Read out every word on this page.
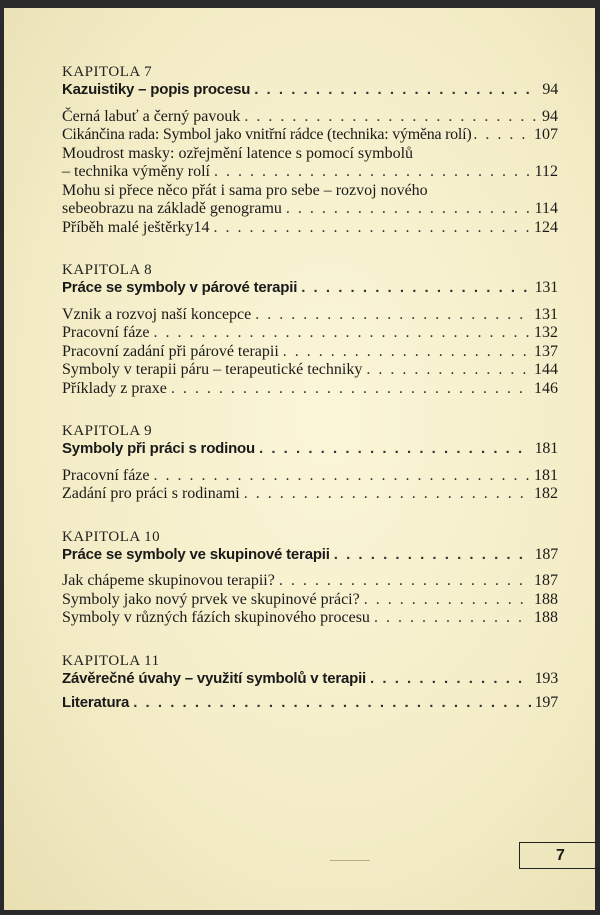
KAPITOLA 7
Kazuistiky – popis procesu . . .	94
Černá labuť a černý pavouk . . .	94
Cikánčina rada: Symbol jako vnitřní rádce (technika: výměna rolí) . . .	107
Moudrost masky: ozřejmění latence s pomocí symbolů
– technika výměny rolí . . .	112
Mohu si přece něco přát i sama pro sebe – rozvoj nového
sebeobrazu na základě genogramu . . .	114
Příběh malé ještěrky14 . . .	124
KAPITOLA 8
Práce se symboly v párové terapii . . .	131
Vznik a rozvoj naší koncepce . . .	131
Pracovní fáze . . .	132
Pracovní zadání při párové terapii . . .	137
Symboly v terapii páru – terapeutické techniky . . .	144
Příklady z praxe . . .	146
KAPITOLA 9
Symboly při práci s rodinou . . .	181
Pracovní fáze . . .	181
Zadání pro práci s rodinami . . .	182
KAPITOLA 10
Práce se symboly ve skupinové terapii . . .	187
Jak chápeme skupinovou terapii? . . .	187
Symboly jako nový prvek ve skupinové práci? . . .	188
Symboly v různých fázích skupinového procesu . . .	188
KAPITOLA 11
Závěrečné úvahy – využití symbolů v terapii . . .	193
Literatura . . .	197
7
